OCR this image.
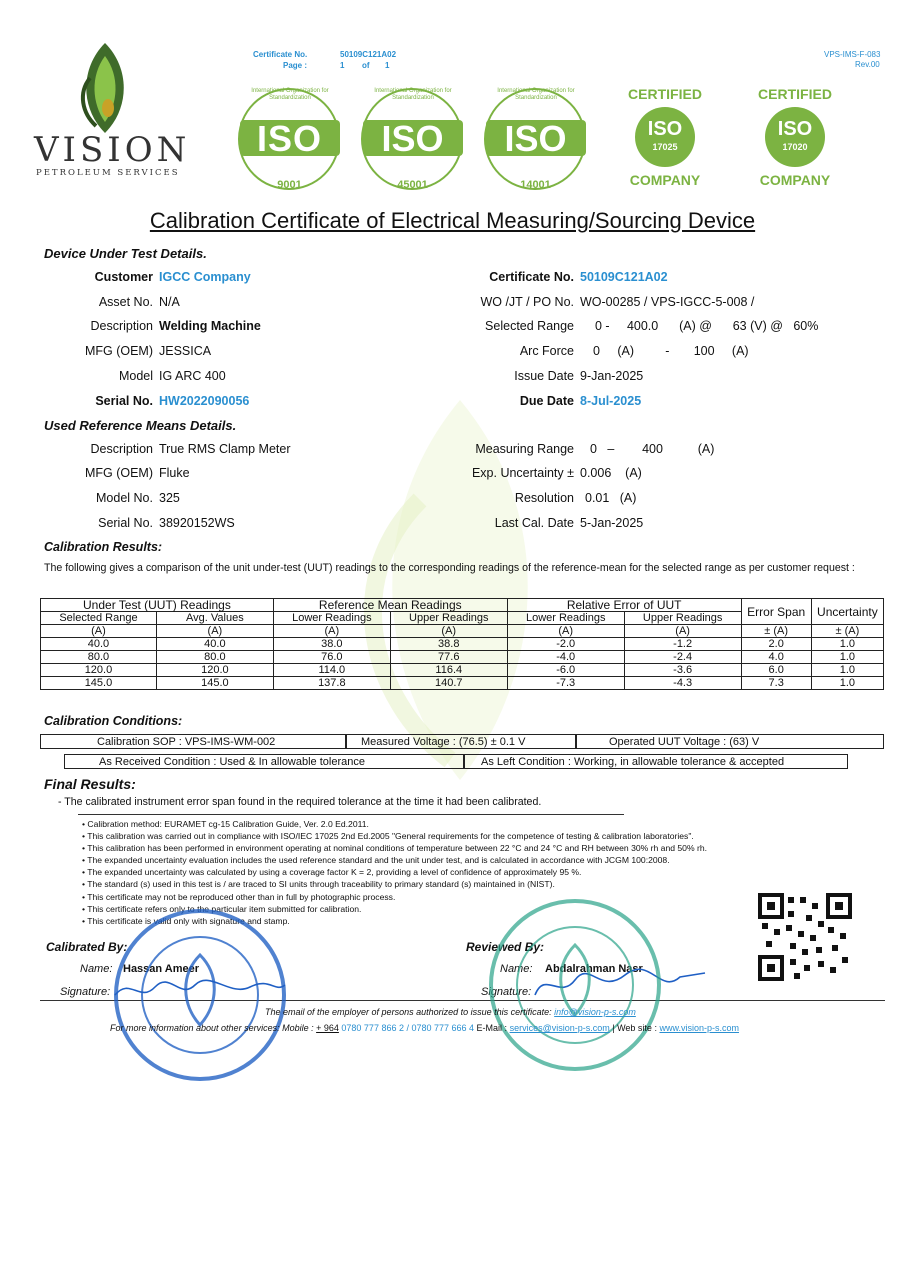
VISION
PETROLEUM SERVICES
Certificate No.	50109C121A02
Page :	1 of 1
VPS-IMS-F-083
Rev.00
ISO
International Organization for Standardization
9001
ISO
International Organization for Standardization
45001
ISO
International Organization for Standardization
14001
CERTIFIED
ISO
17025
COMPANY
CERTIFIED
ISO
17020
COMPANY
Calibration Certificate of Electrical Measuring/Sourcing Device
Device Under Test Details.
Customer IGCC Company
Asset No. N/A
Description Welding Machine
MFG (OEM) JESSICA
Model IG ARC 400
Serial No. HW2022090056
Certificate No. 50109C121A02
WO /JT / PO No. WO-00285 / VPS-IGCC-5-008 /
Selected Range 0 -     400.0      (A) @      63 (V) @   60%
Arc Force 0     (A)         -       100     (A)
Issue Date 9-Jan-2025
Due Date 8-Jul-2025
Used Reference Means Details.
Description True RMS Clamp Meter
MFG (OEM) Fluke
Model No. 325
Serial No. 38920152WS
Measuring Range 0   –        400          (A)
Exp. Uncertainty ± 0.006    (A)
Resolution 0.01   (A)
Last Cal. Date 5-Jan-2025
Calibration Results:
The following gives a comparison of the unit under-test (UUT) readings to the corresponding readings of the reference-mean for the selected range as per customer request :
Under Test (UUT) Readings		Reference Mean Readings		Relative Error of UUT		Error Span	Uncertainty
Selected Range	Avg. Values	Lower Readings	Upper Readings	Lower Readings	Upper Readings		
(A)	(A)	(A)	(A)	(A)	(A)	± (A)	± (A)
40.0	40.0	38.0	38.8	-2.0	-1.2	2.0	1.0
80.0	80.0	76.0	77.6	-4.0	-2.4	4.0	1.0
120.0	120.0	114.0	116.4	-6.0	-3.6	6.0	1.0
145.0	145.0	137.8	140.7	-7.3	-4.3	7.3	1.0
Calibration Conditions:
Calibration SOP : VPS-IMS-WM-002	Measured Voltage : (76.5) ± 0.1 V	Operated UUT Voltage : (63) V
As Received Condition : Used & In allowable tolerance	As Left Condition : Working, in allowable tolerance & accepted
Final Results:
- The calibrated instrument error span found in the required tolerance at the time it had been calibrated.
• Calibration method: EURAMET cg-15 Calibration Guide, Ver. 2.0 Ed.2011.
• This calibration was carried out in compliance with ISO/IEC 17025 2nd Ed.2005 "General requirements for the competence of testing & calibration laboratories".
• This calibration has been performed in environment operating at nominal conditions of temperature between 22 °C and 24 °C and RH between 30% rh and 50% rh.
• The expanded uncertainty evaluation includes the used reference standard and the unit under test, and is calculated in accordance with JCGM 100:2008.
• The expanded uncertainty was calculated by using a coverage factor K = 2, providing a level of confidence of approximately 95 %.
• The standard (s) used in this test is / are traced to SI units through traceability to primary standard (s) maintained in (NIST).
• This certificate may not be reproduced other than in full by photographic process.
• This certificate refers only to the particular item submitted for calibration.
• This certificate is valid only with signature and stamp.
Calibrated By:
Name: Hassan Ameer
Signature:
Reviewed By:
Name: Abdalrahman Nasr
Signature:
The email of the employer of persons authorized to issue this certificate: info@vision-p-s.com
For more information about other services: Mobile : + 964 0780 777 866 2 / 0780 777 666 4 E-Mail : services@vision-p-s.com | Web site : www.vision-p-s.com
